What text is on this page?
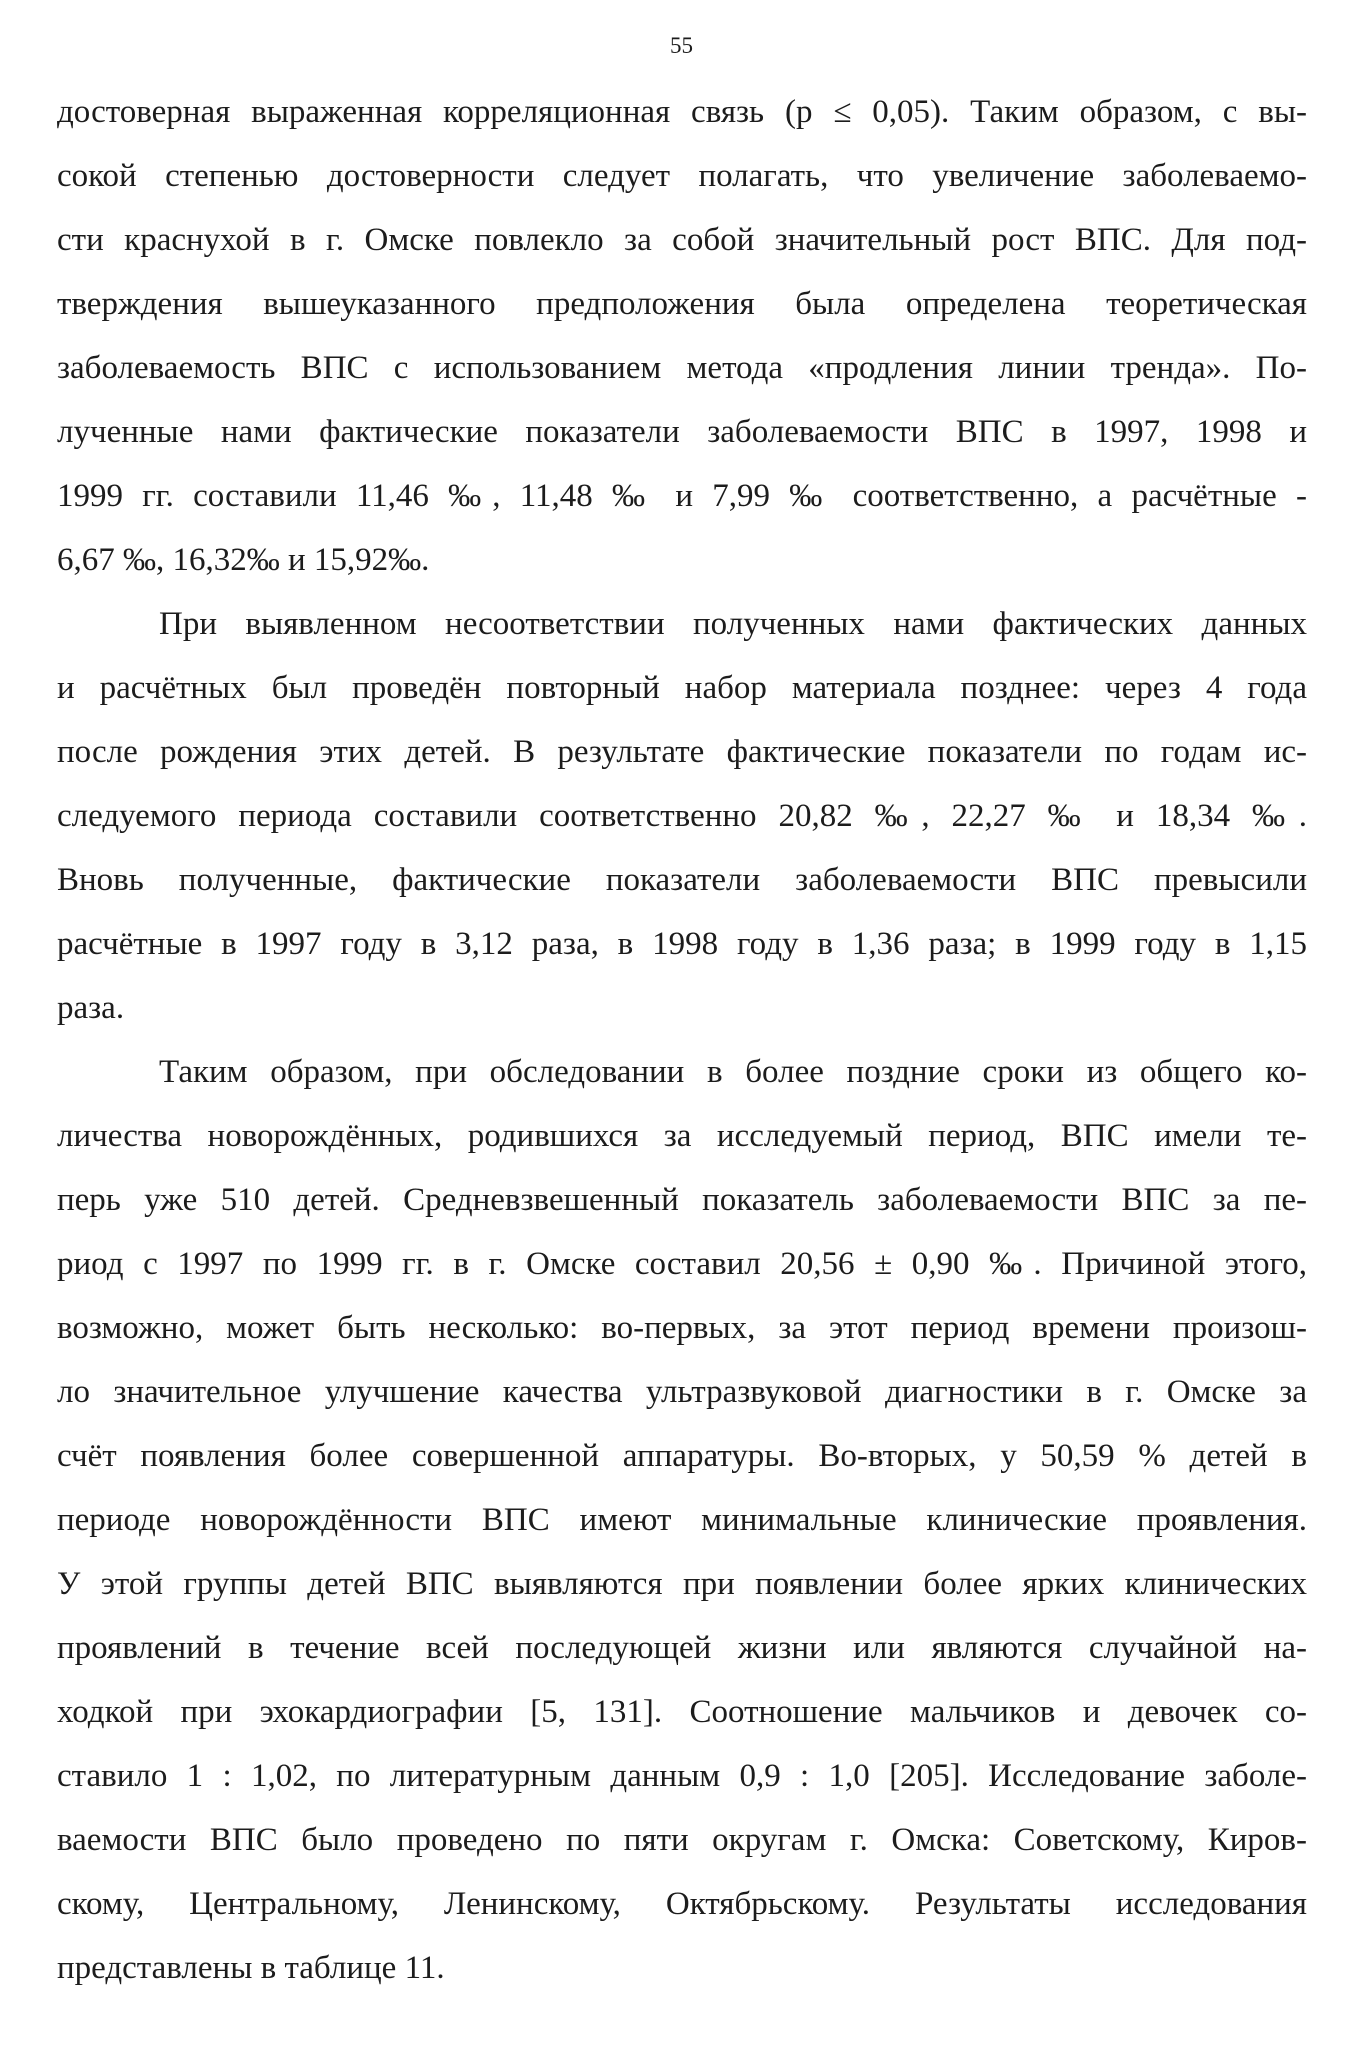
55
достоверная выраженная корреляционная связь (р ≤ 0,05). Таким образом, с вы-
сокой степенью достоверности следует полагать, что увеличение заболеваемо-
сти краснухой в г. Омске повлекло за собой значительный рост ВПС. Для под-
тверждения вышеуказанного предположения была определена теоретическая
заболеваемость ВПС с использованием метода «продления линии тренда». По-
лученные нами фактические показатели заболеваемости ВПС в 1997, 1998 и
1999 гг. составили 11,46 ‰, 11,48 ‰ и 7,99 ‰ соответственно, а расчётные -
6,67 ‰, 16,32‰ и 15,92‰.
При выявленном несоответствии полученных нами фактических данных
и расчётных был проведён повторный набор материала позднее: через 4 года
после рождения этих детей. В результате фактические показатели по годам ис-
следуемого периода составили соответственно 20,82 ‰, 22,27 ‰ и 18,34 ‰.
Вновь полученные, фактические показатели заболеваемости ВПС превысили
расчётные в 1997 году в 3,12 раза, в 1998 году в 1,36 раза; в 1999 году в 1,15
раза.
Таким образом, при обследовании в более поздние сроки из общего ко-
личества новорождённых, родившихся за исследуемый период, ВПС имели те-
перь уже 510 детей. Средневзвешенный показатель заболеваемости ВПС за пе-
риод с 1997 по 1999 гг. в г. Омске составил 20,56 ± 0,90 ‰. Причиной этого,
возможно, может быть несколько: во-первых, за этот период времени произош-
ло значительное улучшение качества ультразвуковой диагностики в г. Омске за
счёт появления более совершенной аппаратуры. Во-вторых, у 50,59 % детей в
периоде новорождённости ВПС имеют минимальные клинические проявления.
У этой группы детей ВПС выявляются при появлении более ярких клинических
проявлений в течение всей последующей жизни или являются случайной на-
ходкой при эхокардиографии [5, 131]. Соотношение мальчиков и девочек со-
ставило 1 : 1,02, по литературным данным 0,9 : 1,0 [205]. Исследование заболе-
ваемости ВПС было проведено по пяти округам г. Омска: Советскому, Киров-
скому, Центральному, Ленинскому, Октябрьскому. Результаты исследования
представлены в таблице 11.
